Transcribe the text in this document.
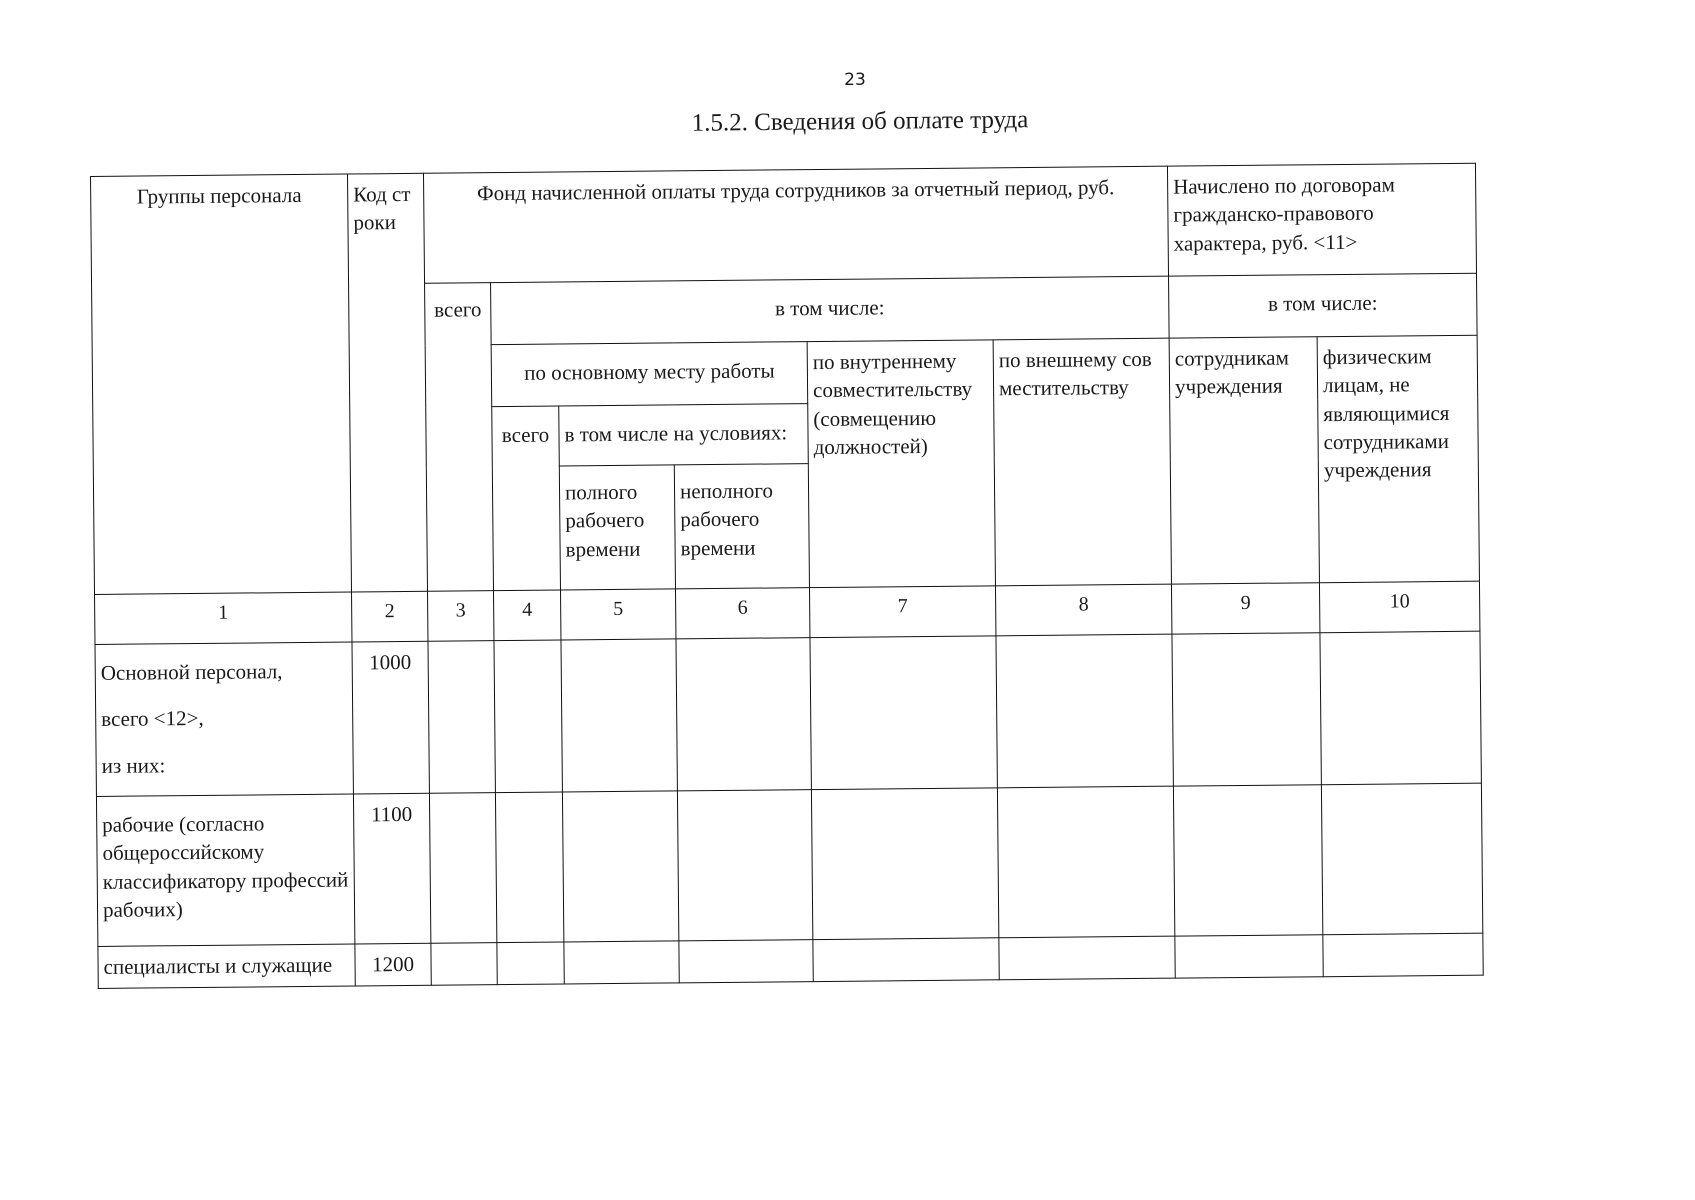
23
1.5.2. Сведения об оплате труда
Группы персонала	Код строки	Фонд начисленной оплаты труда сотрудников за отчетный период, руб.						Начислено по договорам гражданско-правового характера, руб. <11>	
		всего	в том числе:					в том числе:	
			по основному месту работы			по внутреннему совместительству (совмещению должностей)	по внешнему совместительству	сотрудникам учреждения	физическим лицам, не являющимися сотрудниками учреждения
			всего	в том числе на условиях:					
				полного рабочего времени	неполного рабочего времени				
1	2	3	4	5	6	7	8	9	10

Основной персонал,
всего <12>,
из них:	1000								
рабочие (согласно общероссийскому классификатору профессий рабочих)	1100								
специалисты и служащие	1200								
